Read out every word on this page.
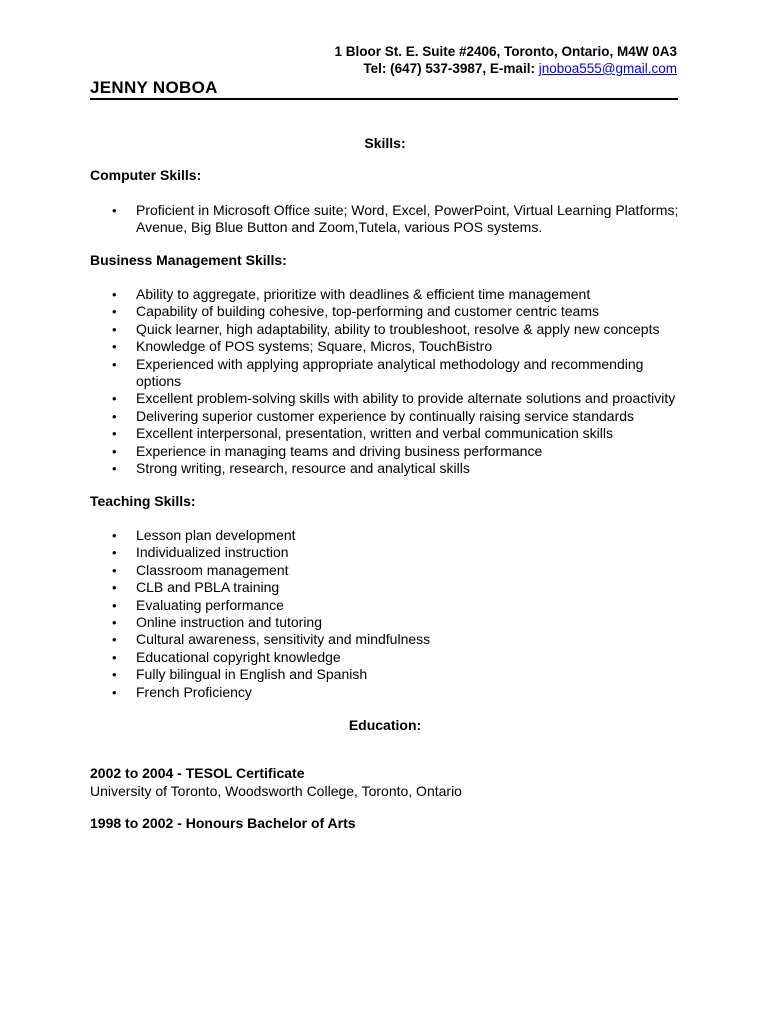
1 Bloor St. E. Suite #2406, Toronto, Ontario, M4W 0A3
Tel: (647) 537-3987, E-mail: jnoboa555@gmail.com
JENNY NOBOA
Skills:
Computer Skills:
• Proficient in Microsoft Office suite; Word, Excel, PowerPoint, Virtual Learning Platforms; Avenue, Big Blue Button and Zoom,Tutela, various POS systems.
Business Management Skills:
• Ability to aggregate, prioritize with deadlines & efficient time management
• Capability of building cohesive, top-performing and customer centric teams
• Quick learner, high adaptability, ability to troubleshoot, resolve & apply new concepts
• Knowledge of POS systems; Square, Micros, TouchBistro
• Experienced with applying appropriate analytical methodology and recommending options
• Excellent problem-solving skills with ability to provide alternate solutions and proactivity
• Delivering superior customer experience by continually raising service standards
• Excellent interpersonal, presentation, written and verbal communication skills
• Experience in managing teams and driving business performance
• Strong writing, research, resource and analytical skills
Teaching Skills:
• Lesson plan development
• Individualized instruction
• Classroom management
• CLB and PBLA training
• Evaluating performance
• Online instruction and tutoring
• Cultural awareness, sensitivity and mindfulness
• Educational copyright knowledge
• Fully bilingual in English and Spanish
• French Proficiency
Education:
2002 to 2004 - TESOL Certificate
University of Toronto, Woodsworth College, Toronto, Ontario
1998 to 2002 - Honours Bachelor of Arts
